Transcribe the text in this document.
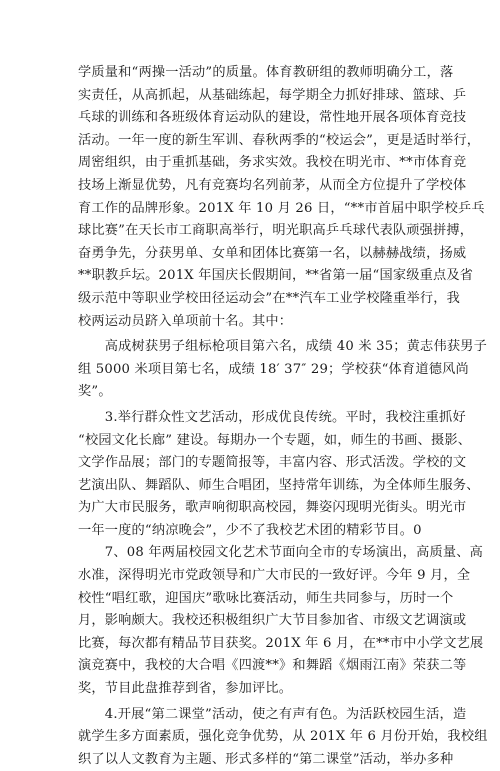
学质量和“两操一活动”的质量。体育教研组的教师明确分工，落
实责任，从高抓起，从基础练起，每学期全力抓好排球、篮球、乒
乓球的训练和各班级体育运动队的建设，常性地开展各项体育竞技
活动。一年一度的新生军训、春秋两季的“校运会”，更是适时举行，
周密组织，由于重抓基础，务求实效。我校在明光市、**市体育竞
技场上渐显优势，凡有竞赛均名列前茅，从而全方位提升了学校体
育工作的品牌形象。201X 年 10 月 26 日，“**市首届中职学校乒乓
球比赛”在天长市工商职高举行，明光职高乒乓球代表队顽强拼搏，
奋勇争先，分获男单、女单和团体比赛第一名，以赫赫战绩，扬威
**职教乒坛。201X 年国庆长假期间，**省第一届“国家级重点及省
级示范中等职业学校田径运动会”在**汽车工业学校隆重举行，我
校两运动员跻入单项前十名。其中：

　　高成树获男子组标枪项目第六名，成绩 40 米 35；黄志伟获男子
组 5000 米项目第七名，成绩 18′ 37″ 29；学校获“体育道德风尚
奖”。

　　3.举行群众性文艺活动，形成优良传统。平时，我校注重抓好
“校园文化长廊” 建设。每期办一个专题，如，师生的书画、摄影、
文学作品展；部门的专题简报等，丰富内容、形式活泼。学校的文
艺演出队、舞蹈队、师生合唱团，坚持常年训练，为全体师生服务、
为广大市民服务，歌声响彻职高校园，舞姿闪现明光街头。明光市
一年一度的“纳凉晚会”，少不了我校艺术团的精彩节目。0
　　7、08 年两届校园文化艺术节面向全市的专场演出，高质量、高
水准，深得明光市党政领导和广大市民的一致好评。今年 9 月，全
校性“唱红歌，迎国庆”歌咏比赛活动，师生共同参与，历时一个
月，影响颇大。我校还积极组织广大节目参加省、市级文艺调演或
比赛，每次都有精品节目获奖。201X 年 6 月，在**市中小学文艺展
演竞赛中，我校的大合唱《四渡**》和舞蹈《烟雨江南》荣获二等
奖，节目此盘推荐到省，参加评比。

　　4.开展“第二课堂”活动，使之有声有色。为活跃校园生活，造
就学生多方面素质，强化竞争优势，从 201X 年 6 月份开始，我校组
织了以人文教育为主题、形式多样的“第二课堂”活动，举办多种
